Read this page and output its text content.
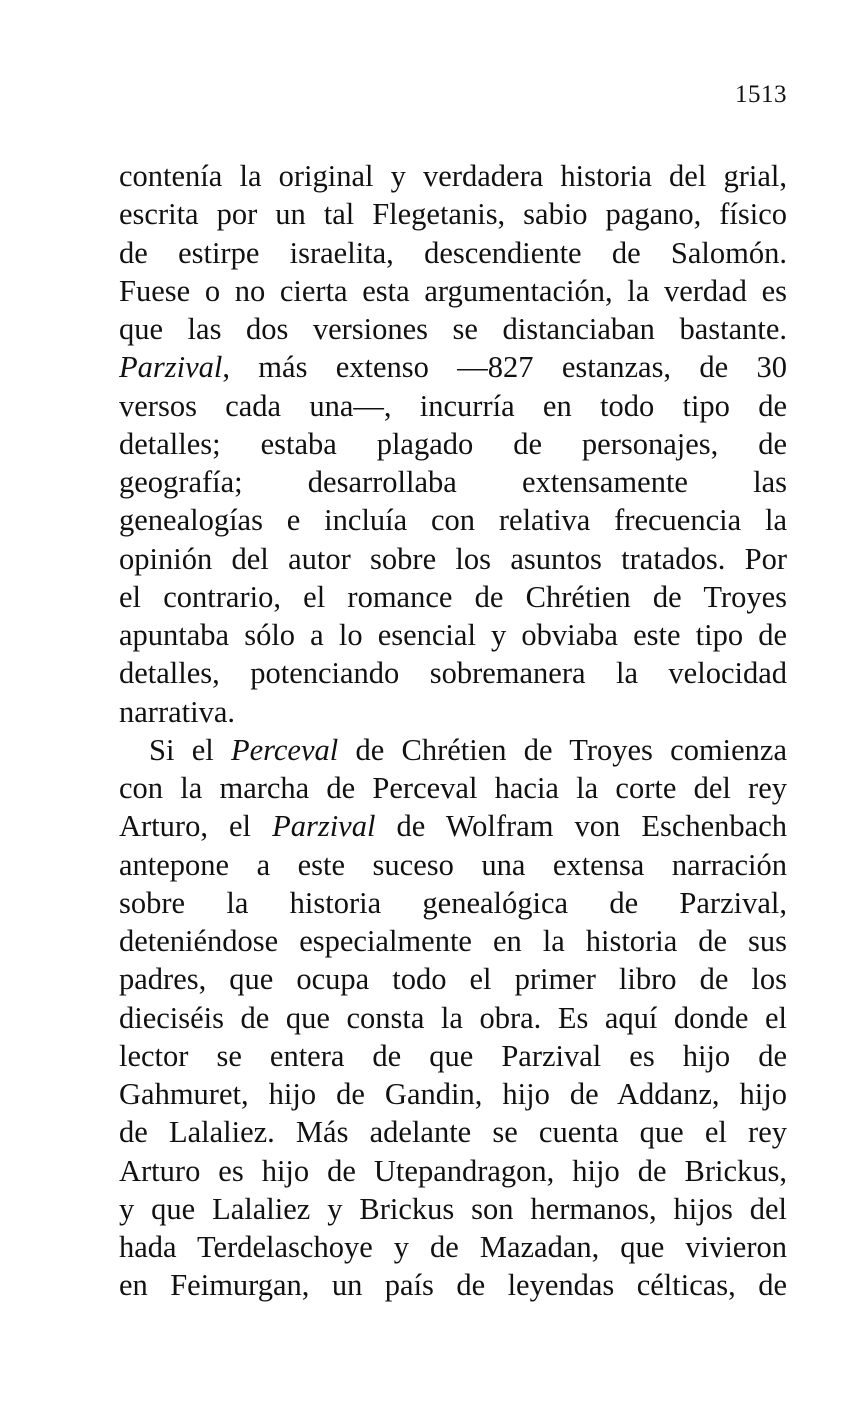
1513
contenía la original y verdadera historia del grial,
escrita por un tal Flegetanis, sabio pagano, físico
de estirpe israelita, descendiente de Salomón.
Fuese o no cierta esta argumentación, la verdad es
que las dos versiones se distanciaban bastante.
Parzival, más extenso —827 estanzas, de 30
versos cada una—, incurría en todo tipo de
detalles; estaba plagado de personajes, de
geografía; desarrollaba extensamente las
genealogías e incluía con relativa frecuencia la
opinión del autor sobre los asuntos tratados. Por
el contrario, el romance de Chrétien de Troyes
apuntaba sólo a lo esencial y obviaba este tipo de
detalles, potenciando sobremanera la velocidad
narrativa.
Si el Perceval de Chrétien de Troyes comienza
con la marcha de Perceval hacia la corte del rey
Arturo, el Parzival de Wolfram von Eschenbach
antepone a este suceso una extensa narración
sobre la historia genealógica de Parzival,
deteniéndose especialmente en la historia de sus
padres, que ocupa todo el primer libro de los
dieciséis de que consta la obra. Es aquí donde el
lector se entera de que Parzival es hijo de
Gahmuret, hijo de Gandin, hijo de Addanz, hijo
de Lalaliez. Más adelante se cuenta que el rey
Arturo es hijo de Utepandragon, hijo de Brickus,
y que Lalaliez y Brickus son hermanos, hijos del
hada Terdelaschoye y de Mazadan, que vivieron
en Feimurgan, un país de leyendas célticas, de
